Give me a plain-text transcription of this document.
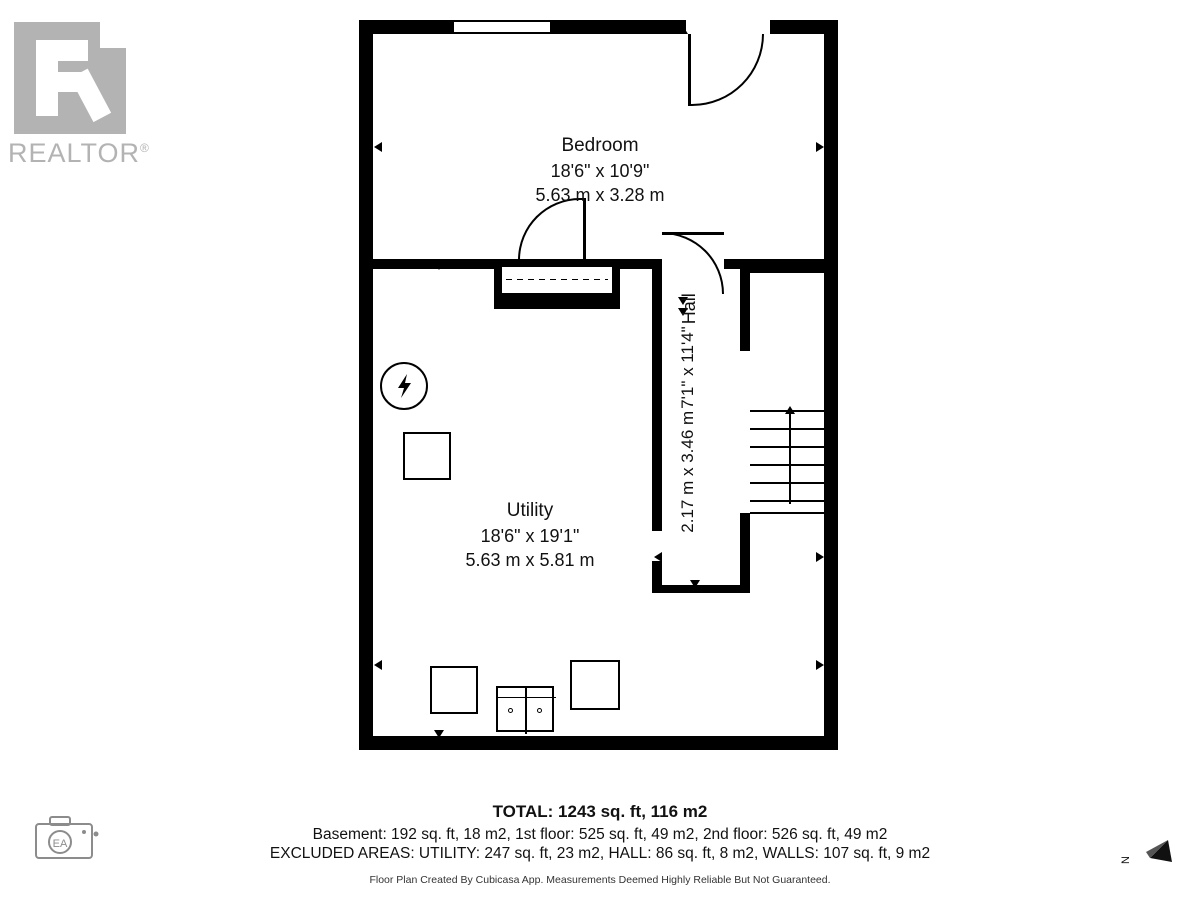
REALTOR®	Bedroom
18'6" x 10'9"
5.63 m x 3.28 m
Utility
18'6" x 19'1"
5.63 m x 5.81 m
Hall
7'1" x 11'4"
2.17 m x 3.46 m
TOTAL: 1243 sq. ft, 116 m2
Basement: 192 sq. ft, 18 m2, 1st floor: 525 sq. ft, 49 m2, 2nd floor: 526 sq. ft, 49 m2
EXCLUDED AREAS: UTILITY: 247 sq. ft, 23 m2, HALL: 86 sq. ft, 8 m2, WALLS: 107 sq. ft, 9 m2
Floor Plan Created By Cubicasa App. Measurements Deemed Highly Reliable But Not Guaranteed.
EA
N
